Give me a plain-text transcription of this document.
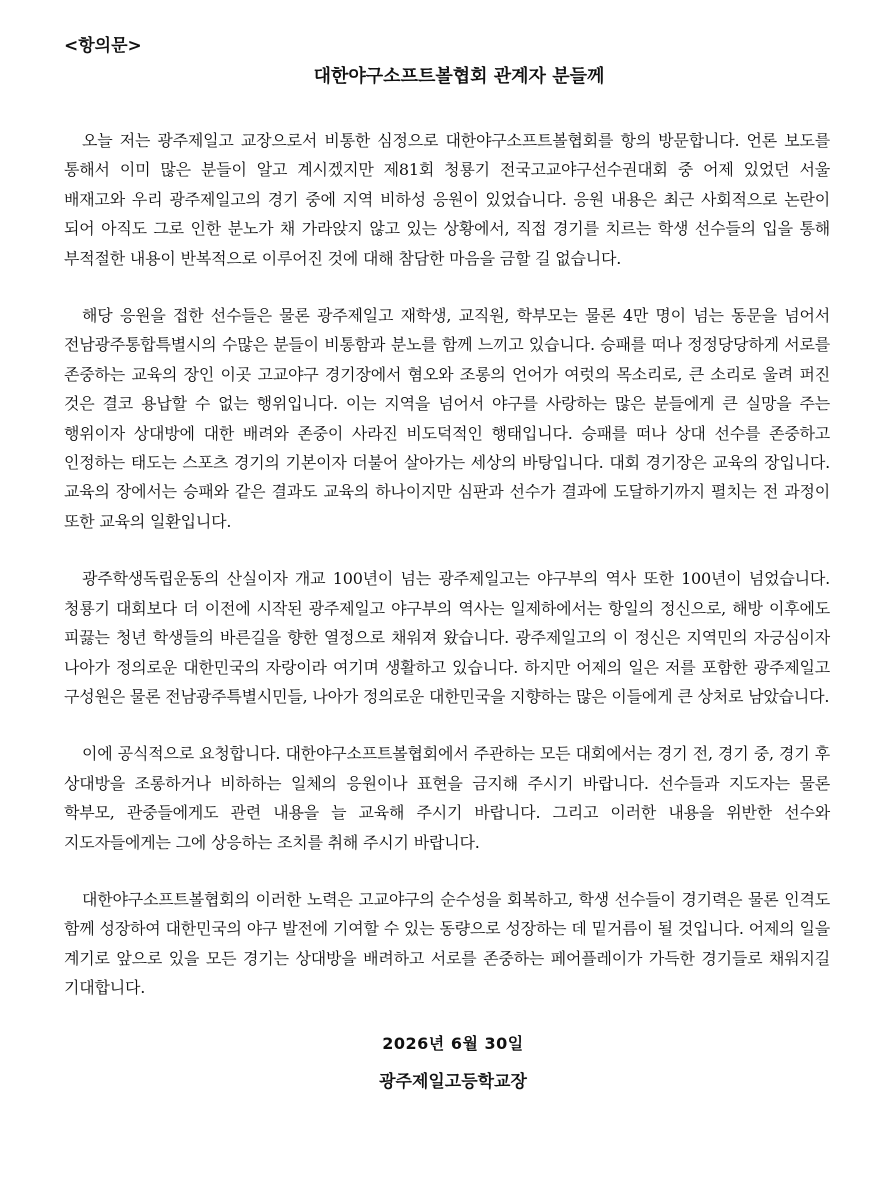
<항의문>

대한야구소프트볼협회 관계자 분들께

오늘 저는 광주제일고 교장으로서 비통한 심정으로 대한야구소프트볼협회를 항의 방문합니다. 언론 보도를 통해서 이미 많은 분들이 알고 계시겠지만 제81회 청룡기 전국고교야구선수권대회 중 어제 있었던 서울 배재고와 우리 광주제일고의 경기 중에 지역 비하성 응원이 있었습니다. 응원 내용은 최근 사회적으로 논란이 되어 아직도 그로 인한 분노가 채 가라앉지 않고 있는 상황에서, 직접 경기를 치르는 학생 선수들의 입을 통해 부적절한 내용이 반복적으로 이루어진 것에 대해 참담한 마음을 금할 길 없습니다.

해당 응원을 접한 선수들은 물론 광주제일고 재학생, 교직원, 학부모는 물론 4만 명이 넘는 동문을 넘어서 전남광주통합특별시의 수많은 분들이 비통함과 분노를 함께 느끼고 있습니다. 승패를 떠나 정정당당하게 서로를 존중하는 교육의 장인 이곳 고교야구 경기장에서 혐오와 조롱의 언어가 여럿의 목소리로, 큰 소리로 울려 퍼진 것은 결코 용납할 수 없는 행위입니다. 이는 지역을 넘어서 야구를 사랑하는 많은 분들에게 큰 실망을 주는 행위이자 상대방에 대한 배려와 존중이 사라진 비도덕적인 행태입니다. 승패를 떠나 상대 선수를 존중하고 인정하는 태도는 스포츠 경기의 기본이자 더불어 살아가는 세상의 바탕입니다. 대회 경기장은 교육의 장입니다. 교육의 장에서는 승패와 같은 결과도 교육의 하나이지만 심판과 선수가 결과에 도달하기까지 펼치는 전 과정이 또한 교육의 일환입니다.

광주학생독립운동의 산실이자 개교 100년이 넘는 광주제일고는 야구부의 역사 또한 100년이 넘었습니다. 청룡기 대회보다 더 이전에 시작된 광주제일고 야구부의 역사는 일제하에서는 항일의 정신으로, 해방 이후에도 피끓는 청년 학생들의 바른길을 향한 열정으로 채워져 왔습니다. 광주제일고의 이 정신은 지역민의 자긍심이자 나아가 정의로운 대한민국의 자랑이라 여기며 생활하고 있습니다. 하지만 어제의 일은 저를 포함한 광주제일고 구성원은 물론 전남광주특별시민들, 나아가 정의로운 대한민국을 지향하는 많은 이들에게 큰 상처로 남았습니다.

이에 공식적으로 요청합니다. 대한야구소프트볼협회에서 주관하는 모든 대회에서는 경기 전, 경기 중, 경기 후 상대방을 조롱하거나 비하하는 일체의 응원이나 표현을 금지해 주시기 바랍니다. 선수들과 지도자는 물론 학부모, 관중들에게도 관련 내용을 늘 교육해 주시기 바랍니다. 그리고 이러한 내용을 위반한 선수와 지도자들에게는 그에 상응하는 조치를 취해 주시기 바랍니다.

대한야구소프트볼협회의 이러한 노력은 고교야구의 순수성을 회복하고, 학생 선수들이 경기력은 물론 인격도 함께 성장하여 대한민국의 야구 발전에 기여할 수 있는 동량으로 성장하는 데 밑거름이 될 것입니다. 어제의 일을 계기로 앞으로 있을 모든 경기는 상대방을 배려하고 서로를 존중하는 페어플레이가 가득한 경기들로 채워지길 기대합니다.

2026년 6월 30일
광주제일고등학교장
